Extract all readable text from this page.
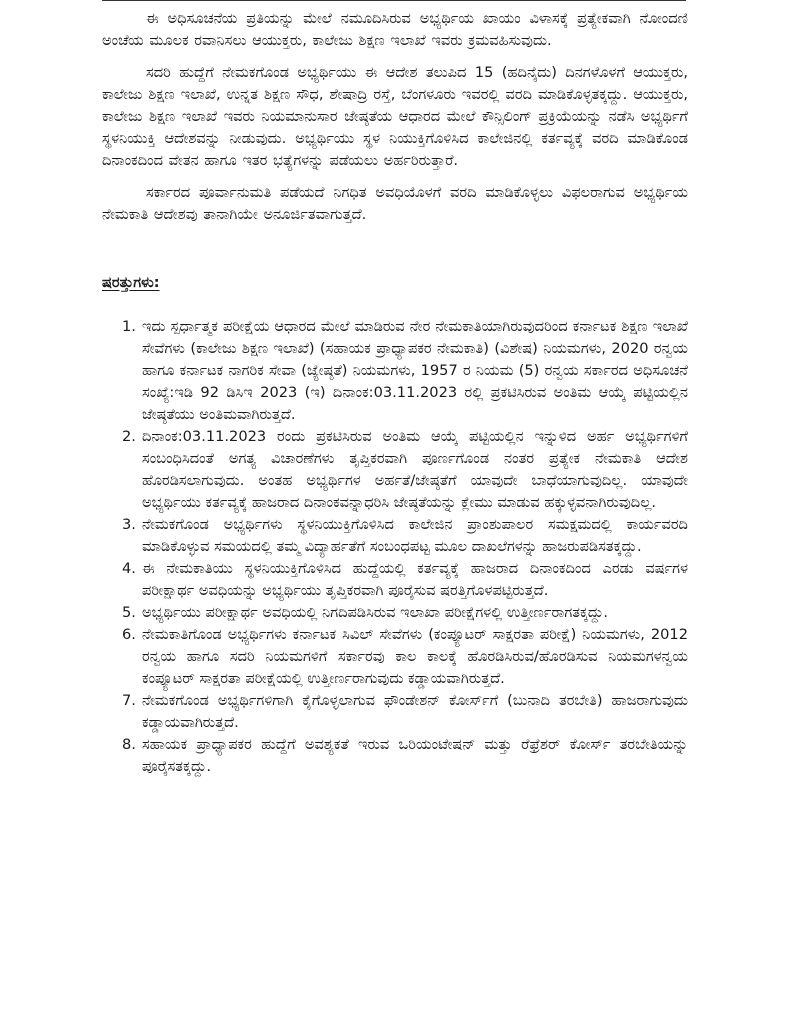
ಈ ಅಧಿಸೂಚನೆಯ ಪ್ರತಿಯನ್ನು ಮೇಲೆ ನಮೂದಿಸಿರುವ ಅಭ್ಯರ್ಥಿಯ ಖಾಯಂ ವಿಳಾಸಕ್ಕೆ ಪ್ರತ್ಯೇಕವಾಗಿ ನೋಂದಣಿ ಅಂಚೆಯ ಮೂಲಕ ರವಾನಿಸಲು ಆಯುಕ್ತರು, ಕಾಲೇಜು ಶಿಕ್ಷಣ ಇಲಾಖೆ ಇವರು ಕ್ರಮವಹಿಸುವುದು.

ಸದರಿ ಹುದ್ದೆಗೆ ನೇಮಕಗೊಂಡ ಅಭ್ಯರ್ಥಿಯು ಈ ಆದೇಶ ತಲುಪಿದ 15 (ಹದಿನೈದು) ದಿನಗಳೊಳಗೆ ಆಯುಕ್ತರು, ಕಾಲೇಜು ಶಿಕ್ಷಣ ಇಲಾಖೆ, ಉನ್ನತ ಶಿಕ್ಷಣ ಸೌಧ, ಶೇಷಾದ್ರಿ ರಸ್ತೆ, ಬೆಂಗಳೂರು ಇವರಲ್ಲಿ ವರದಿ ಮಾಡಿಕೊಳ್ಳತಕ್ಕದ್ದು. ಆಯುಕ್ತರು, ಕಾಲೇಜು ಶಿಕ್ಷಣ ಇಲಾಖೆ ಇವರು ನಿಯಮಾನುಸಾರ ಜೇಷ್ಠತೆಯ ಆಧಾರದ ಮೇಲೆ ಕೌನ್ಸಿಲಿಂಗ್ ಪ್ರಕ್ರಿಯೆಯನ್ನು ನಡೆಸಿ ಅಭ್ಯರ್ಥಿಗೆ ಸ್ಥಳನಿಯುಕ್ತಿ ಆದೇಶವನ್ನು ನೀಡುವುದು. ಅಭ್ಯರ್ಥಿಯು ಸ್ಥಳ ನಿಯುಕ್ತಿಗೊಳಿಸಿದ ಕಾಲೇಜಿನಲ್ಲಿ ಕರ್ತವ್ಯಕ್ಕೆ ವರದಿ ಮಾಡಿಕೊಂಡ ದಿನಾಂಕದಿಂದ ವೇತನ ಹಾಗೂ ಇತರ ಭತ್ಯೆಗಳನ್ನು ಪಡೆಯಲು ಅರ್ಹರಿರುತ್ತಾರೆ.

ಸರ್ಕಾರದ ಪೂರ್ವಾನುಮತಿ ಪಡೆಯದೆ ನಿಗಧಿತ ಅವಧಿಯೊಳಗೆ ವರದಿ ಮಾಡಿಕೊಳ್ಳಲು ವಿಫಲರಾಗುವ ಅಭ್ಯರ್ಥಿಯ ನೇಮಕಾತಿ ಆದೇಶವು ತಾನಾಗಿಯೇ ಅನೂರ್ಜಿತವಾಗುತ್ತದೆ.

ಷರತ್ತುಗಳು:
1. ಇದು ಸ್ಪರ್ಧಾತ್ಮಕ ಪರೀಕ್ಷೆಯ ಆಧಾರದ ಮೇಲೆ ಮಾಡಿರುವ ನೇರ ನೇಮಕಾತಿಯಾಗಿರುವುದರಿಂದ ಕರ್ನಾಟಕ ಶಿಕ್ಷಣ ಇಲಾಖೆ ಸೇವೆಗಳು (ಕಾಲೇಜು ಶಿಕ್ಷಣ ಇಲಾಖೆ) (ಸಹಾಯಕ ಪ್ರಾಧ್ಯಾಪಕರ ನೇಮಕಾತಿ) (ವಿಶೇಷ) ನಿಯಮಗಳು, 2020 ರನ್ವಯ ಹಾಗೂ ಕರ್ನಾಟಕ ನಾಗರಿಕ ಸೇವಾ (ಜ್ಯೇಷ್ಠತೆ) ನಿಯಮಗಳು, 1957 ರ ನಿಯಮ (5) ರನ್ವಯ ಸರ್ಕಾರದ ಅಧಿಸೂಚನೆ ಸಂಖ್ಯೆ:ಇಡಿ 92 ಡಿಸಿಇ 2023 (ಇ) ದಿನಾಂಕ:03.11.2023 ರಲ್ಲಿ ಪ್ರಕಟಿಸಿರುವ ಅಂತಿಮ ಆಯ್ಕೆ ಪಟ್ಟಿಯಲ್ಲಿನ ಜೇಷ್ಠತೆಯು ಅಂತಿಮವಾಗಿರುತ್ತದೆ.
2. ದಿನಾಂಕ:03.11.2023 ರಂದು ಪ್ರಕಟಿಸಿರುವ ಅಂತಿಮ ಆಯ್ಕೆ ಪಟ್ಟಿಯಲ್ಲಿನ ಇನ್ನುಳಿದ ಅರ್ಹ ಅಭ್ಯರ್ಥಿಗಳಿಗೆ ಸಂಬಂಧಿಸಿದಂತೆ ಅಗತ್ಯ ವಿಚಾರಣೆಗಳು ತೃಪ್ತಿಕರವಾಗಿ ಪೂರ್ಣಗೊಂಡ ನಂತರ ಪ್ರತ್ಯೇಕ ನೇಮಕಾತಿ ಆದೇಶ ಹೊರಡಿಸಲಾಗುವುದು. ಅಂತಹ ಅಭ್ಯರ್ಥಿಗಳ ಅರ್ಹತೆ/ಜೇಷ್ಠತೆಗೆ ಯಾವುದೇ ಬಾಧೆಯಾಗುವುದಿಲ್ಲ. ಯಾವುದೇ ಅಭ್ಯರ್ಥಿಯು ಕರ್ತವ್ಯಕ್ಕೆ ಹಾಜರಾದ ದಿನಾಂಕವನ್ನಾಧರಿಸಿ ಜೇಷ್ಠತೆಯನ್ನು ಕ್ಲೇಮು ಮಾಡುವ ಹಕ್ಕುಳ್ಳವನಾಗಿರುವುದಿಲ್ಲ.
3. ನೇಮಕಗೊಂಡ ಅಭ್ಯರ್ಥಿಗಳು ಸ್ಥಳನಿಯುಕ್ತಿಗೊಳಿಸಿದ ಕಾಲೇಜಿನ ಪ್ರಾಂಶುಪಾಲರ ಸಮಕ್ಷಮದಲ್ಲಿ ಕಾರ್ಯವರದಿ ಮಾಡಿಕೊಳ್ಳುವ ಸಮಯದಲ್ಲಿ ತಮ್ಮ ವಿದ್ಯಾರ್ಹತೆಗೆ ಸಂಬಂಧಪಟ್ಟ ಮೂಲ ದಾಖಲೆಗಳನ್ನು ಹಾಜರುಪಡಿಸತಕ್ಕದ್ದು.
4. ಈ ನೇಮಕಾತಿಯು ಸ್ಥಳನಿಯುಕ್ತಿಗೊಳಿಸಿದ ಹುದ್ದೆಯಲ್ಲಿ ಕರ್ತವ್ಯಕ್ಕೆ ಹಾಜರಾದ ದಿನಾಂಕದಿಂದ ಎರಡು ವರ್ಷಗಳ ಪರೀಕ್ಷಾರ್ಥ ಅವಧಿಯನ್ನು ಅಭ್ಯರ್ಥಿಯು ತೃಪ್ತಿಕರವಾಗಿ ಪೂರೈಸುವ ಷರತ್ತಿಗೊಳಪಟ್ಟಿರುತ್ತದೆ.
5. ಅಭ್ಯರ್ಥಿಯು ಪರೀಕ್ಷಾರ್ಥ ಅವಧಿಯಲ್ಲಿ ನಿಗದಿಪಡಿಸಿರುವ ಇಲಾಖಾ ಪರೀಕ್ಷೆಗಳಲ್ಲಿ ಉತ್ತೀರ್ಣರಾಗತಕ್ಕದ್ದು.
6. ನೇಮಕಾತಿಗೊಂಡ ಅಭ್ಯರ್ಥಿಗಳು ಕರ್ನಾಟಕ ಸಿವಿಲ್ ಸೇವೆಗಳು (ಕಂಪ್ಯೂಟರ್ ಸಾಕ್ಷರತಾ ಪರೀಕ್ಷೆ) ನಿಯಮಗಳು, 2012 ರನ್ವಯ ಹಾಗೂ ಸದರಿ ನಿಯಮಗಳಿಗೆ ಸರ್ಕಾರವು ಕಾಲ ಕಾಲಕ್ಕೆ ಹೊರಡಿಸಿರುವ/ಹೊರಡಿಸುವ ನಿಯಮಗಳನ್ವಯ ಕಂಪ್ಯೂಟರ್ ಸಾಕ್ಷರತಾ ಪರೀಕ್ಷೆಯಲ್ಲಿ ಉತ್ತೀರ್ಣರಾಗುವುದು ಕಡ್ಡಾಯವಾಗಿರುತ್ತದೆ.
7. ನೇಮಕಗೊಂಡ ಅಭ್ಯರ್ಥಿಗಳಿಗಾಗಿ ಕೈಗೊಳ್ಳಲಾಗುವ ಫೌಂಡೇಶನ್ ಕೋರ್ಸ್‌ಗೆ (ಬುನಾದಿ ತರಬೇತಿ) ಹಾಜರಾಗುವುದು ಕಡ್ಡಾಯವಾಗಿರುತ್ತದೆ.
8. ಸಹಾಯಕ ಪ್ರಾಧ್ಯಾಪಕರ ಹುದ್ದೆಗೆ ಅವಶ್ಯಕತೆ ಇರುವ ಒರಿಯಂಟೇಷನ್ ಮತ್ತು ರೆಫ್ರೆಶರ್ ಕೋರ್ಸ್ ತರಬೇತಿಯನ್ನು ಪೂರೈಸತಕ್ಕದ್ದು.
